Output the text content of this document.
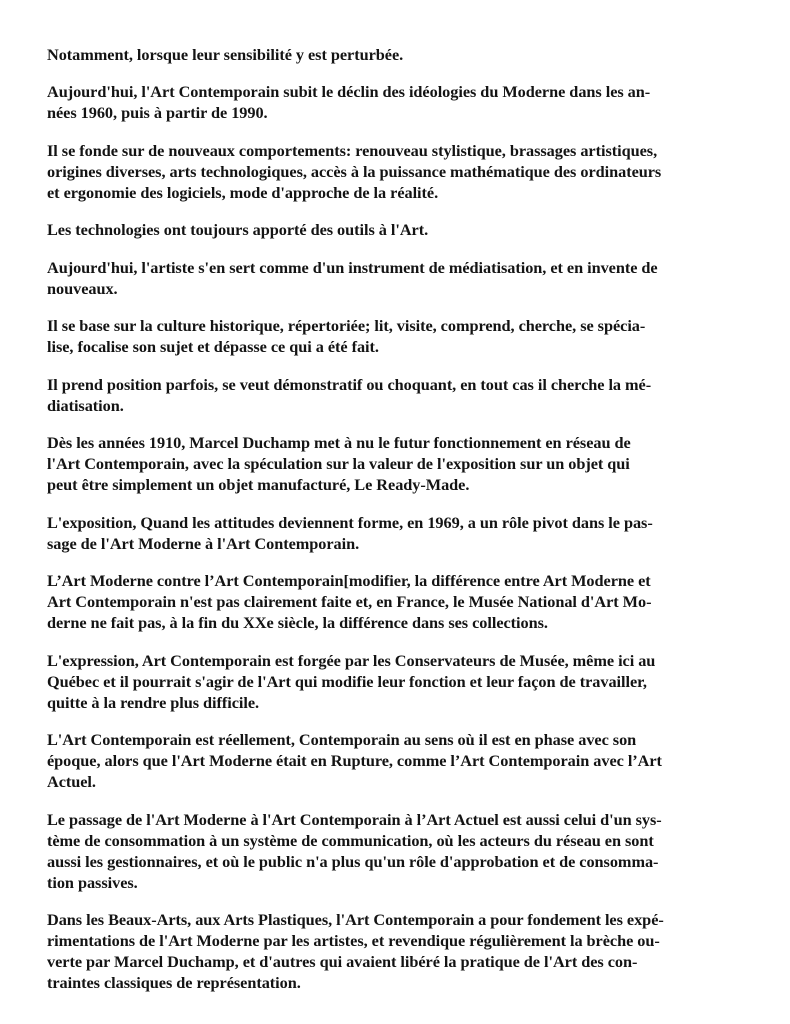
Notamment, lorsque leur sensibilité y est perturbée.

Aujourd'hui, l'Art Contemporain subit le déclin des idéologies du Moderne dans les an-
nées 1960, puis à partir de 1990.

Il se fonde sur de nouveaux comportements: renouveau stylistique, brassages artistiques,
origines diverses, arts technologiques, accès à la puissance mathématique des ordinateurs
et ergonomie des logiciels, mode d'approche de la réalité.

Les technologies ont toujours apporté des outils à l'Art.

Aujourd'hui, l'artiste s'en sert comme d'un instrument de médiatisation, et en invente de
nouveaux.

Il se base sur la culture historique, répertoriée; lit, visite, comprend, cherche, se spécia-
lise, focalise son sujet et dépasse ce qui a été fait.

Il prend position parfois, se veut démonstratif ou choquant, en tout cas il cherche la mé-
diatisation.

Dès les années 1910, Marcel Duchamp met à nu le futur fonctionnement en réseau de
l'Art Contemporain, avec la spéculation sur la valeur de l'exposition sur un objet qui
peut être simplement un objet manufacturé, Le Ready-Made.

L'exposition, Quand les attitudes deviennent forme, en 1969, a un rôle pivot dans le pas-
sage de l'Art Moderne à l'Art Contemporain.

L’Art Moderne contre l’Art Contemporain[modifier, la différence entre Art Moderne et
Art Contemporain n'est pas clairement faite et, en France, le Musée National d'Art Mo-
derne ne fait pas, à la fin du XXe siècle, la différence dans ses collections.

L'expression, Art Contemporain est forgée par les Conservateurs de Musée, même ici au
Québec et il pourrait s'agir de l'Art qui modifie leur fonction et leur façon de travailler,
quitte à la rendre plus difficile.

L'Art Contemporain est réellement, Contemporain au sens où il est en phase avec son
époque, alors que l'Art Moderne était en Rupture, comme l’Art Contemporain avec l’Art
Actuel.

Le passage de l'Art Moderne à l'Art Contemporain à l’Art Actuel est aussi celui d'un sys-
tème de consommation à un système de communication, où les acteurs du réseau en sont
aussi les gestionnaires, et où le public n'a plus qu'un rôle d'approbation et de consomma-
tion passives.

Dans les Beaux-Arts, aux Arts Plastiques, l'Art Contemporain a pour fondement les expé-
rimentations de l'Art Moderne par les artistes, et revendique régulièrement la brèche ou-
verte par Marcel Duchamp, et d'autres qui avaient libéré la pratique de l'Art des con-
traintes classiques de représentation.
